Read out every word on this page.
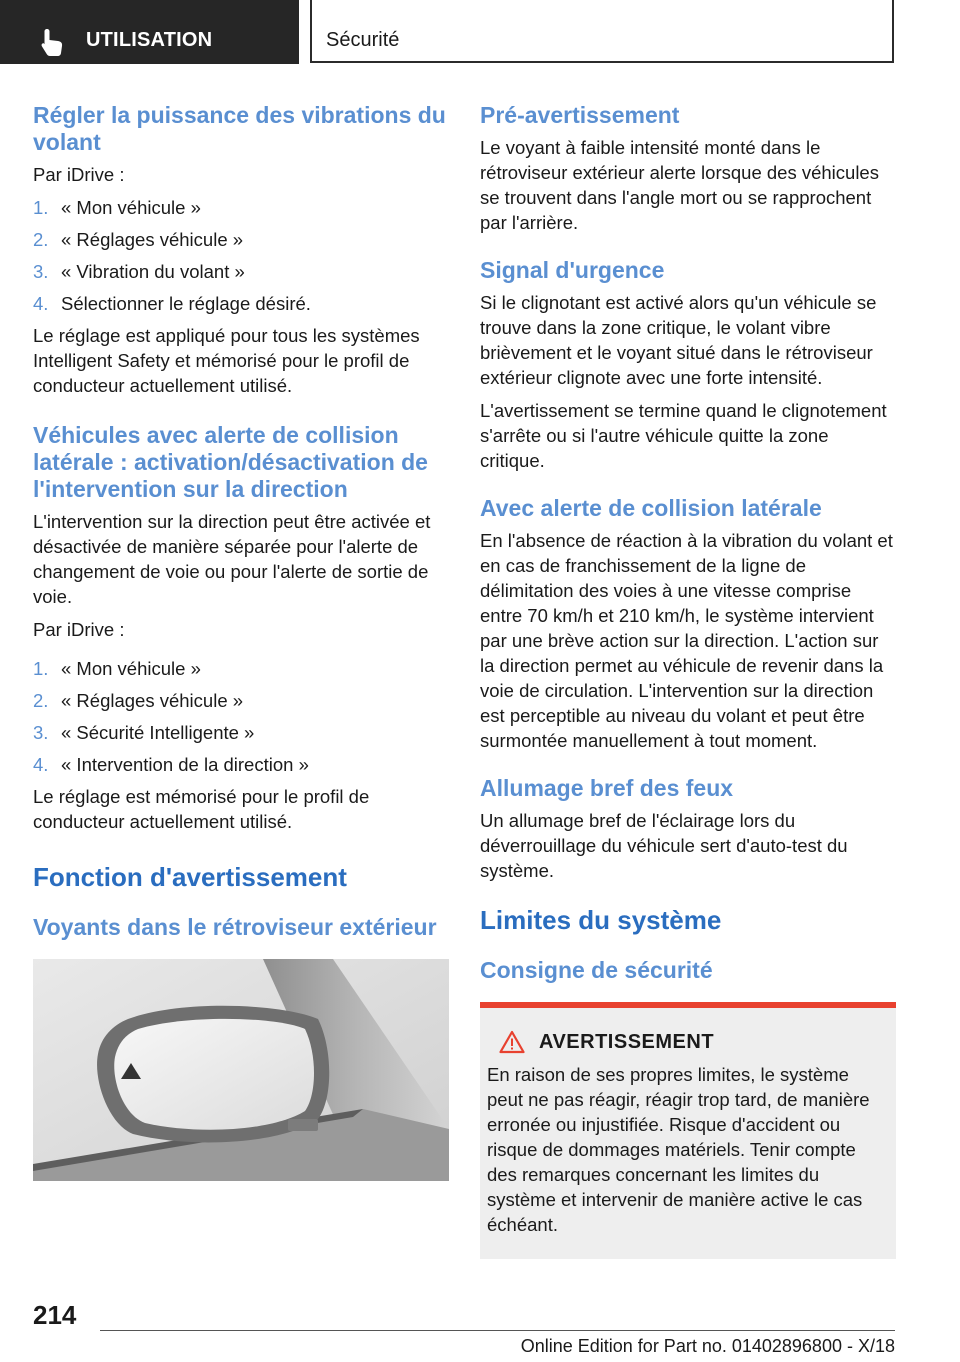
UTILISATION	Sécurité
Régler la puissance des vibrations du volant

Par iDrive :

1. « Mon véhicule »
2. « Réglages véhicule »
3. « Vibration du volant »
4. Sélectionner le réglage désiré.

Le réglage est appliqué pour tous les systèmes Intelligent Safety et mémorisé pour le profil de conducteur actuellement utilisé.

Véhicules avec alerte de collision latérale : activation/désactivation de l'intervention sur la direction

L'intervention sur la direction peut être activée et désactivée de manière séparée pour l'alerte de changement de voie ou pour l'alerte de sortie de voie.

Par iDrive :

1. « Mon véhicule »
2. « Réglages véhicule »
3. « Sécurité Intelligente »
4. « Intervention de la direction »

Le réglage est mémorisé pour le profil de conducteur actuellement utilisé.

Fonction d'avertissement
Voyants dans le rétroviseur extérieur
Pré-avertissement

Le voyant à faible intensité monté dans le rétroviseur extérieur alerte lorsque des véhicules se trouvent dans l'angle mort ou se rapprochent par l'arrière.

Signal d'urgence

Si le clignotant est activé alors qu'un véhicule se trouve dans la zone critique, le volant vibre brièvement et le voyant situé dans le rétroviseur extérieur clignote avec une forte intensité.

L'avertissement se termine quand le clignotement s'arrête ou si l'autre véhicule quitte la zone critique.

Avec alerte de collision latérale

En l'absence de réaction à la vibration du volant et en cas de franchissement de la ligne de délimitation des voies à une vitesse comprise entre 70 km/h et 210 km/h, le système intervient par une brève action sur la direction. L'action sur la direction permet au véhicule de revenir dans la voie de circulation. L'intervention sur la direction est perceptible au niveau du volant et peut être surmontée manuellement à tout moment.

Allumage bref des feux

Un allumage bref de l'éclairage lors du déverrouillage du véhicule sert d'auto-test du système.

Limites du système
Consigne de sécurité
AVERTISSEMENT

En raison de ses propres limites, le système peut ne pas réagir, réagir trop tard, de manière erronée ou injustifiée. Risque d'accident ou risque de dommages matériels. Tenir compte des remarques concernant les limites du système et intervenir de manière active le cas échéant.

214
Online Edition for Part no. 01402896800 - X/18
